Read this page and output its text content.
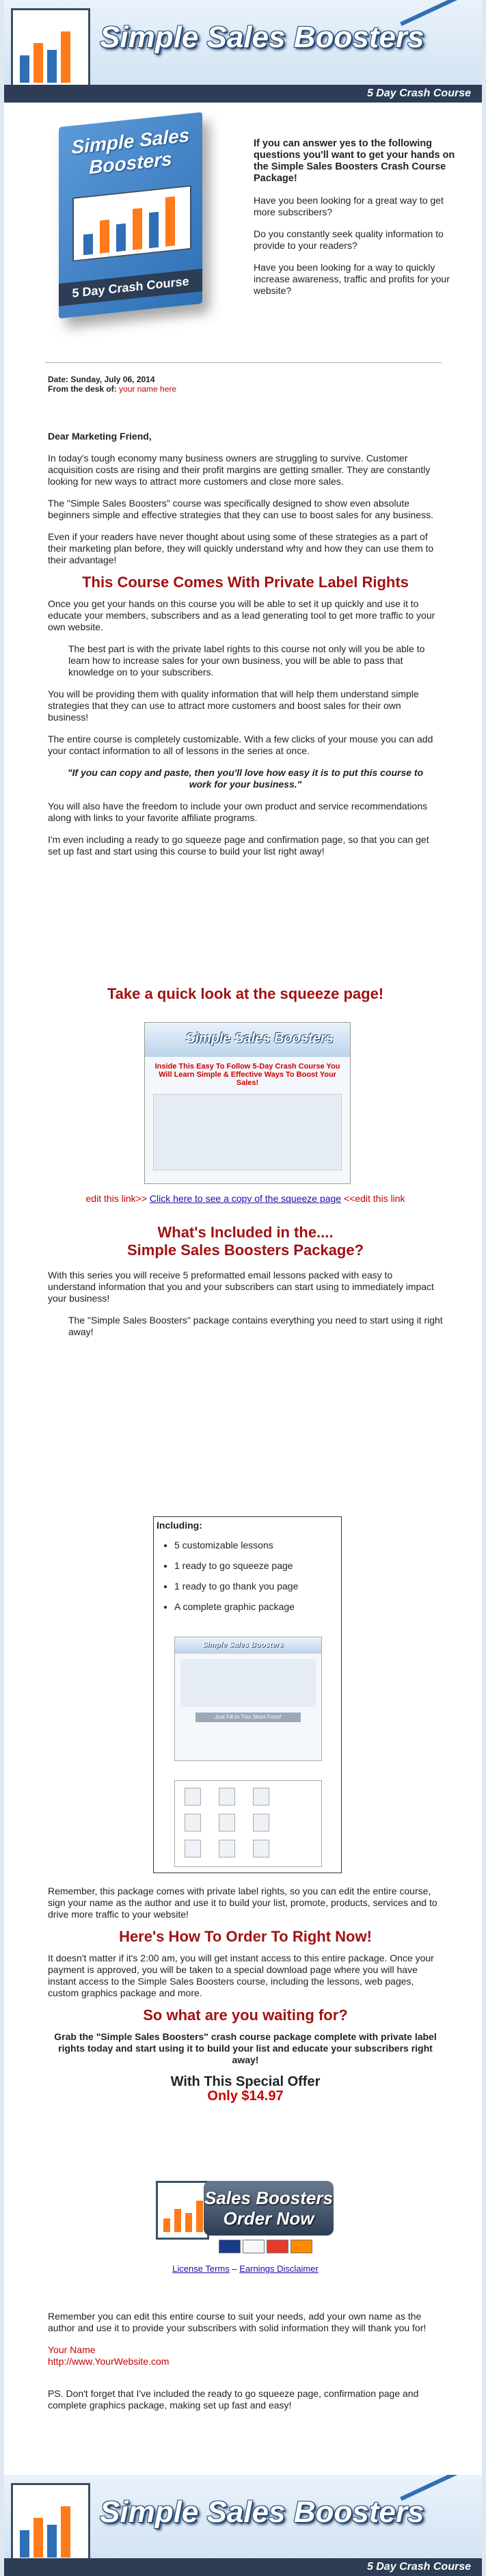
Simple Sales Boosters
5 Day Crash Course
Simple Sales Boosters
5 Day Crash Course

If you can answer yes to the following questions you'll want to get your hands on the Simple Sales Boosters Crash Course Package!

Have you been looking for a great way to get more subscribers?

Do you constantly seek quality information to provide to your readers?

Have you been looking for a way to quickly increase awareness, traffic and profits for your website?

Date: Sunday, July 06, 2014
From the desk of: your name here

Dear Marketing Friend,

In today's tough economy many business owners are struggling to survive. Customer acquisition costs are rising and their profit margins are getting smaller. They are constantly looking for new ways to attract more customers and close more sales.

The "Simple Sales Boosters" course was specifically designed to show even absolute beginners simple and effective strategies that they can use to boost sales for any business.

Even if your readers have never thought about using some of these strategies as a part of their marketing plan before, they will quickly understand why and how they can use them to their advantage!

This Course Comes With Private Label Rights

Once you get your hands on this course you will be able to set it up quickly and use it to educate your members, subscribers and as a lead generating tool to get more traffic to your own website.

The best part is with the private label rights to this course not only will you be able to learn how to increase sales for your own business, you will be able to pass that knowledge on to your subscribers.

You will be providing them with quality information that will help them understand simple strategies that they can use to attract more customers and boost sales for their own business!

The entire course is completely customizable. With a few clicks of your mouse you can add your contact information to all of lessons in the series at once.

"If you can copy and paste, then you'll love how easy it is to put this course to work for your business."

You will also have the freedom to include your own product and service recommendations along with links to your favorite affiliate programs.

I'm even including a ready to go squeeze page and confirmation page, so that you can get set up fast and start using this course to build your list right away!

Take a quick look at the squeeze page!

Simple Sales Boosters
Inside This Easy To Follow 5-Day Crash Course You Will Learn Simple & Effective Ways To Boost Your Sales!
edit this link>> Click here to see a copy of the squeeze page <<edit this link

What's Included in the....

Simple Sales Boosters Package?

With this series you will receive 5 preformatted email lessons packed with easy to understand information that you and your subscribers can start using to immediately impact your business!

The "Simple Sales Boosters" package contains everything you need to start using it right away!

Including:
• 5 customizable lessons
• 1 ready to go squeeze page
• 1 ready to go thank you page
• A complete graphic package
Simple Sales Boosters
Just Fill In This Short Form!

Remember, this package comes with private label rights, so you can edit the entire course, sign your name as the author and use it to build your list, promote, products, services and to drive more traffic to your website!

Here's How To Order To Right Now!

It doesn't matter if it's 2:00 am, you will get instant access to this entire package. Once your payment is approved, you will be taken to a special download page where you will have instant access to the Simple Sales Boosters course, including the lessons, web pages, custom graphics package and more.

So what are you waiting for?

Grab the "Simple Sales Boosters" crash course package complete with private label rights today and start using it to build your list and educate your subscribers right away!

With This Special Offer

Only $14.97

Sales Boosters
Order Now
License Terms – Earnings Disclaimer

Remember you can edit this entire course to suit your needs, add your own name as the author and use it to provide your subscribers with solid information they will thank you for!

Your Name

http://www.YourWebsite.com

PS. Don't forget that I've included the ready to go squeeze page, confirmation page and complete graphics package, making set up fast and easy!

Simple Sales Boosters
5 Day Crash Course
